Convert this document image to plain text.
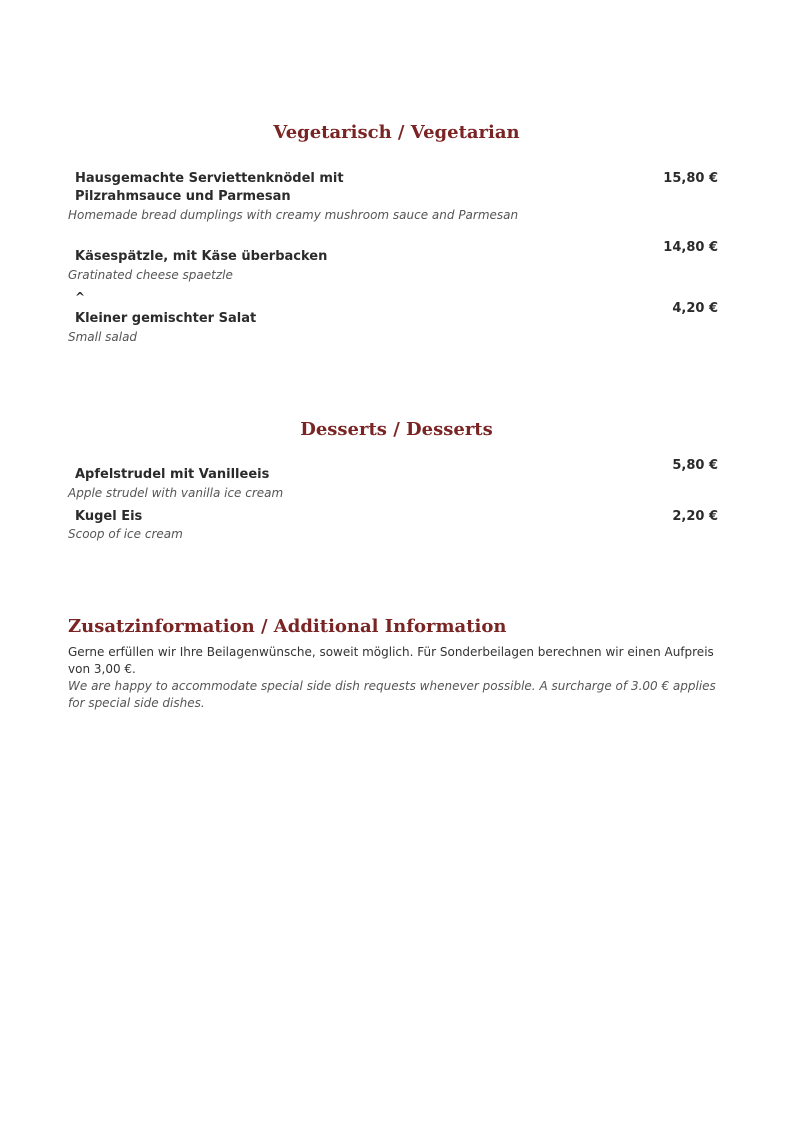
Vegetarisch / Vegetarian
Hausgemachte Serviettenknödel mit
Pilzrahmsauce und Parmesan
15,80 €
Homemade bread dumplings with creamy mushroom sauce and Parmesan
14,80 €
Käsespätzle, mit Käse überbacken
Gratinated cheese spaetzle
^
4,20 €
Kleiner gemischter Salat
Small salad
Desserts / Desserts
5,80 €
Apfelstrudel mit Vanilleeis
Apple strudel with vanilla ice cream
Kugel Eis	2,20 €
Scoop of ice cream
Zusatzinformation / Additional Information
Gerne erfüllen wir Ihre Beilagenwünsche, soweit möglich. Für Sonderbeilagen berechnen wir einen Aufpreis
von 3,00 €.
We are happy to accommodate special side dish requests whenever possible. A surcharge of 3.00 € applies
for special side dishes.
